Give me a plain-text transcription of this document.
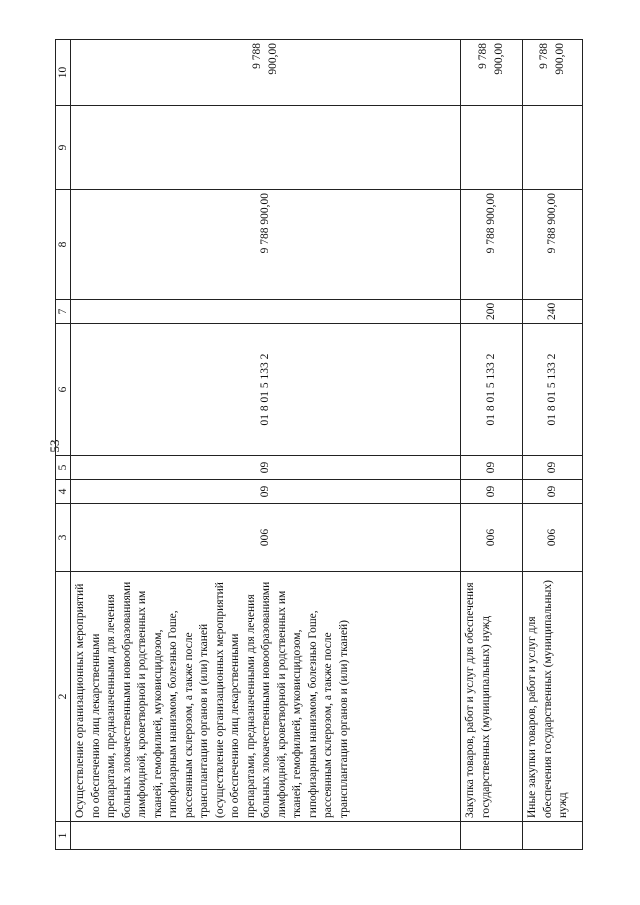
53
1	2	3	4	5	6	7	8	9	10
	Осуществление организационных мероприятий по обеспечению лиц лекарственными препаратами, предназначенными для лечения больных злокачественными новообразованиями лимфоидной, кроветворной и родственных им тканей, гемофилией, муковисцидозом, гипофизарным нанизмом, болезнью Гоше, рассеянным склерозом, а также после трансплантации органов и (или) тканей (осуществление организационных мероприятий по обеспечению лиц лекарственными препаратами, предназначенными для лечения больных злокачественными новообразованиями лимфоидной, кроветворной и родственных им тканей, гемофилией, муковисцидозом, гипофизарным нанизмом, болезнью Гоше, рассеянным склерозом, а также после трансплантации органов и (или) тканей)	006	09	09	01 8 01 5 133 2		9 788 900,00		9 788 900,00
	Закупка товаров, работ и услуг для обеспечения государственных (муниципальных) нужд	006	09	09	01 8 01 5 133 2	200	9 788 900,00		9 788 900,00
	Иные закупки товаров, работ и услуг для обеспечения государственных (муниципальных) нужд	006	09	09	01 8 01 5 133 2	240	9 788 900,00		9 788 900,00
